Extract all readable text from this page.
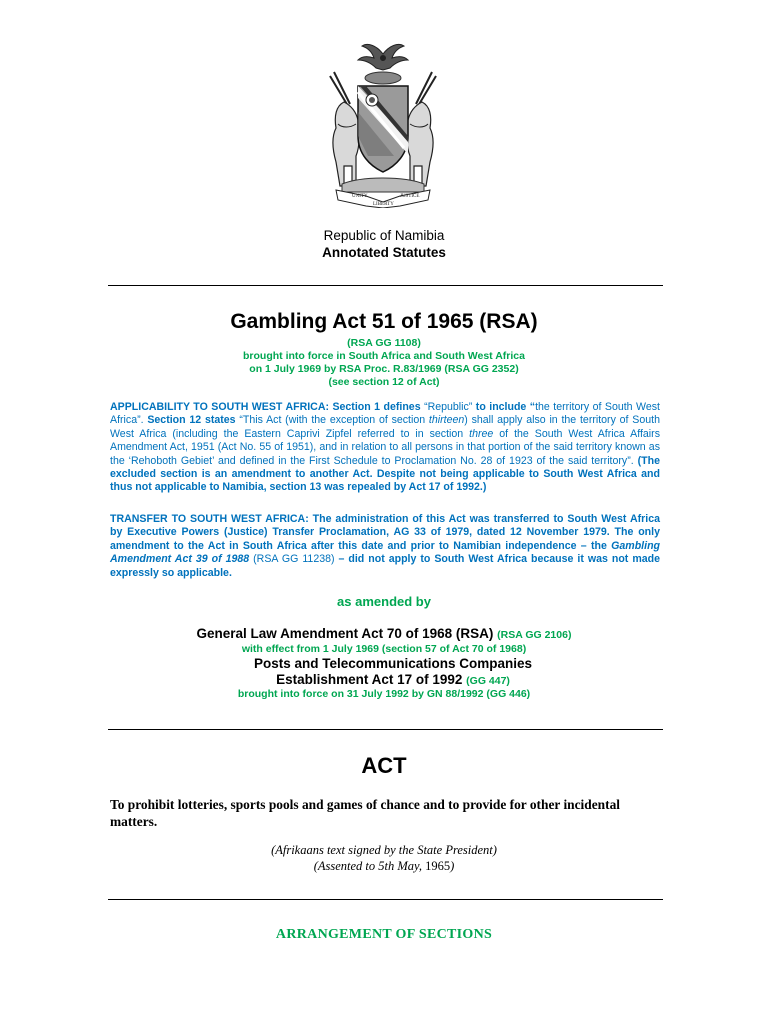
UNITY
LIBERTY
JUSTICE
Republic of Namibia
Annotated Statutes
Gambling Act 51 of 1965 (RSA)
(RSA GG 1108)
brought into force in South Africa and South West Africa
on 1 July 1969 by RSA Proc. R.83/1969 (RSA GG 2352)
(see section 12 of Act)
APPLICABILITY TO SOUTH WEST AFRICA: Section 1 defines “Republic” to include “the territory of South West Africa”. Section 12 states “This Act (with the exception of section thirteen) shall apply also in the territory of South West Africa (including the Eastern Caprivi Zipfel referred to in section three of the South West Africa Affairs Amendment Act, 1951 (Act No. 55 of 1951), and in relation to all persons in that portion of the said territory known as the ‘Rehoboth Gebiet’ and defined in the First Schedule to Proclamation No. 28 of 1923 of the said territory”. (The excluded section is an amendment to another Act. Despite not being applicable to South West Africa and thus not applicable to Namibia, section 13 was repealed by Act 17 of 1992.)
TRANSFER TO SOUTH WEST AFRICA: The administration of this Act was transferred to South West Africa by Executive Powers (Justice) Transfer Proclamation, AG 33 of 1979, dated 12 November 1979. The only amendment to the Act in South Africa after this date and prior to Namibian independence – the Gambling Amendment Act 39 of 1988 (RSA GG 11238) – did not apply to South West Africa because it was not made expressly so applicable.
as amended by
General Law Amendment Act 70 of 1968 (RSA) (RSA GG 2106)
with effect from 1 July 1969 (section 57 of Act 70 of 1968)
Posts and Telecommunications Companies
Establishment Act 17 of 1992 (GG 447)
brought into force on 31 July 1992 by GN 88/1992 (GG 446)
ACT
To prohibit lotteries, sports pools and games of chance and to provide for other incidental matters.
(Afrikaans text signed by the State President)
(Assented to 5th May, 1965)
ARRANGEMENT OF SECTIONS
